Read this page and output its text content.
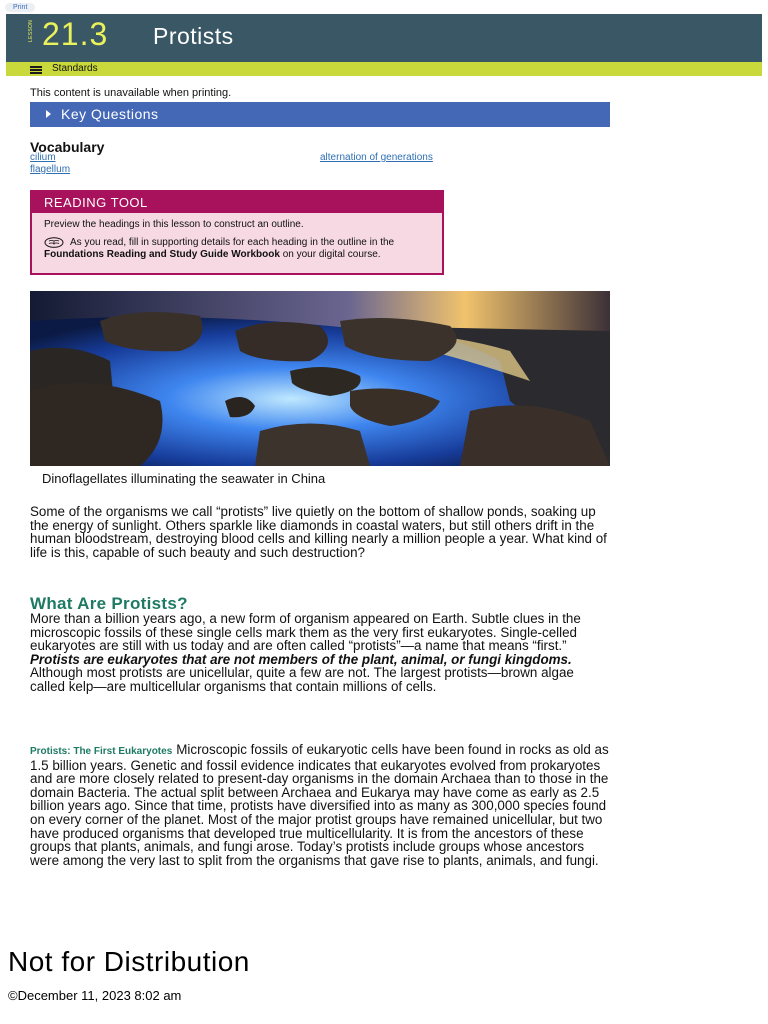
Print
LESSON 21.3 Protists
Standards
This content is unavailable when printing.
Key Questions
Vocabulary
cilium
flagellum
alternation of generations
READING TOOL
Preview the headings in this lesson to construct an outline.
As you read, fill in supporting details for each heading in the outline in the Foundations Reading and Study Guide Workbook on your digital course.
Dinoflagellates illuminating the seawater in China

Some of the organisms we call “protists” live quietly on the bottom of shallow ponds, soaking up the energy of sunlight. Others sparkle like diamonds in coastal waters, but still others drift in the human bloodstream, destroying blood cells and killing nearly a million people a year. What kind of life is this, capable of such beauty and such destruction?

What Are Protists?

More than a billion years ago, a new form of organism appeared on Earth. Subtle clues in the microscopic fossils of these single cells mark them as the very first eukaryotes. Single-celled eukaryotes are still with us today and are often called “protists”—a name that means “first.” Protists are eukaryotes that are not members of the plant, animal, or fungi kingdoms. Although most protists are unicellular, quite a few are not. The largest protists—brown algae called kelp—are multicellular organisms that contain millions of cells.

Protists: The First Eukaryotes Microscopic fossils of eukaryotic cells have been found in rocks as old as 1.5 billion years. Genetic and fossil evidence indicates that eukaryotes evolved from prokaryotes and are more closely related to present-day organisms in the domain Archaea than to those in the domain Bacteria. The actual split between Archaea and Eukarya may have come as early as 2.5 billion years ago. Since that time, protists have diversified into as many as 300,000 species found on every corner of the planet. Most of the major protist groups have remained unicellular, but two have produced organisms that developed true multicellularity. It is from the ancestors of these groups that plants, animals, and fungi arose. Today’s protists include groups whose ancestors were among the very last to split from the organisms that gave rise to plants, animals, and fungi.

Not for Distribution
©December 11, 2023 8:02 am
